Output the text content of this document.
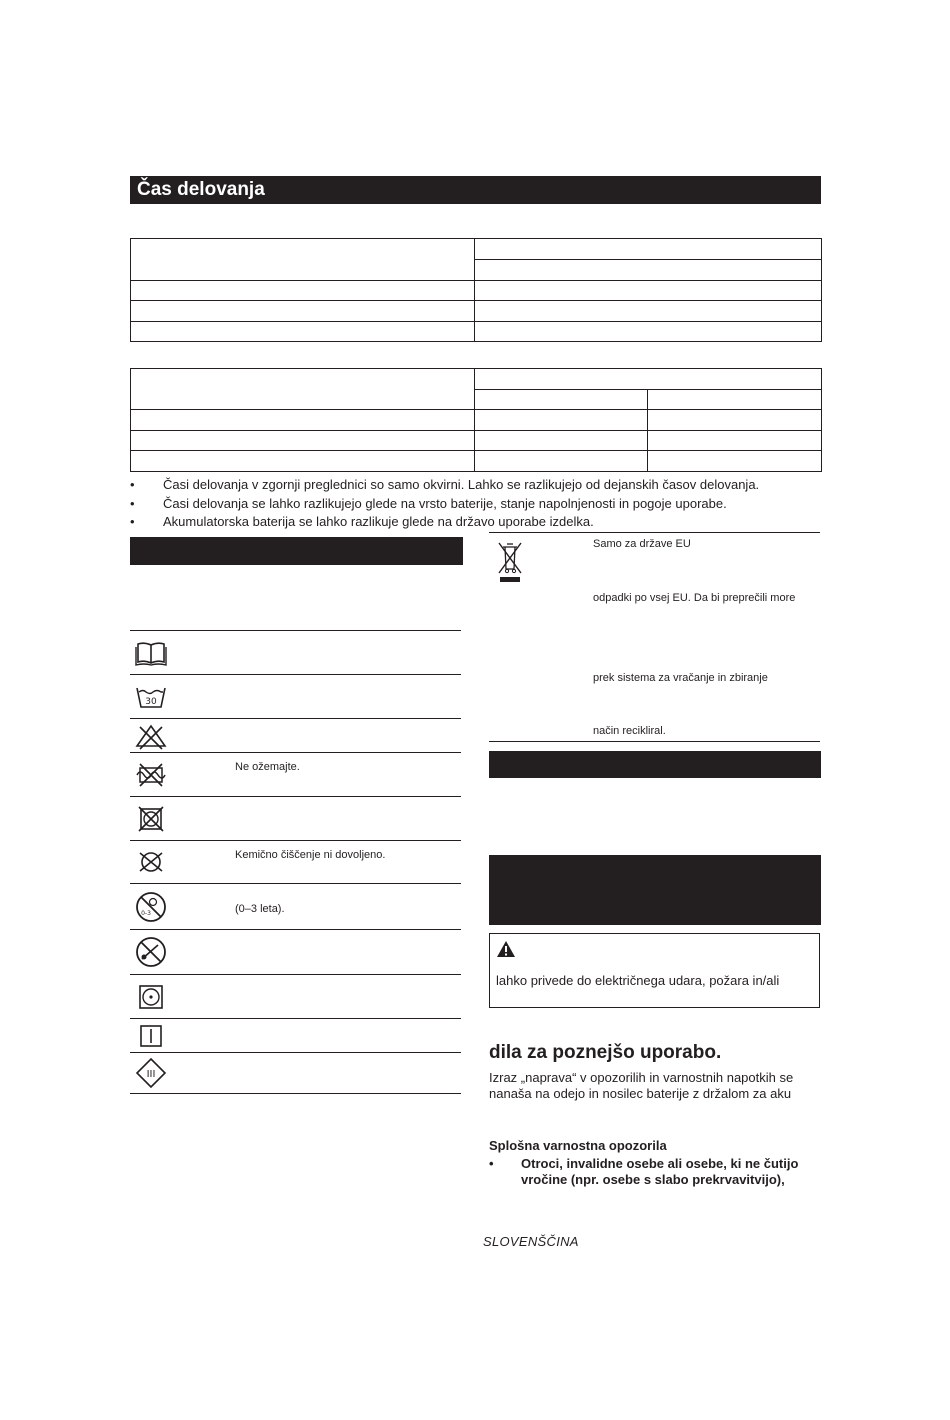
Čas delovanja

• Časi delovanja v zgornji preglednici so samo okvirni. Lahko se razlikujejo od dejanskih časov delovanja.
• Časi delovanja se lahko razlikujejo glede na vrsto baterije, stanje napolnjenosti in pogoje uporabe.
• Akumulatorska baterija se lahko razlikuje glede na državo uporabe izdelka.
30
Ne ožemajte.
Kemično čiščenje ni dovoljeno.
0-3	(0–3 leta).
III
Samo za države EU
odpadki po vsej EU. Da bi preprečili more
prek sistema za vračanje in zbiranje
način recikliral.
lahko privede do električnega udara, požara in/ali
dila za poznejšo uporabo.
Izraz „naprava“ v opozorilih in varnostnih napotkih se
nanaša na odejo in nosilec baterije z držalom za aku
Splošna varnostna opozorila
• Otroci, invalidne osebe ali osebe, ki ne čutijo
vročine (npr. osebe s slabo prekrvavitvijo),
SLOVENŠČINA
